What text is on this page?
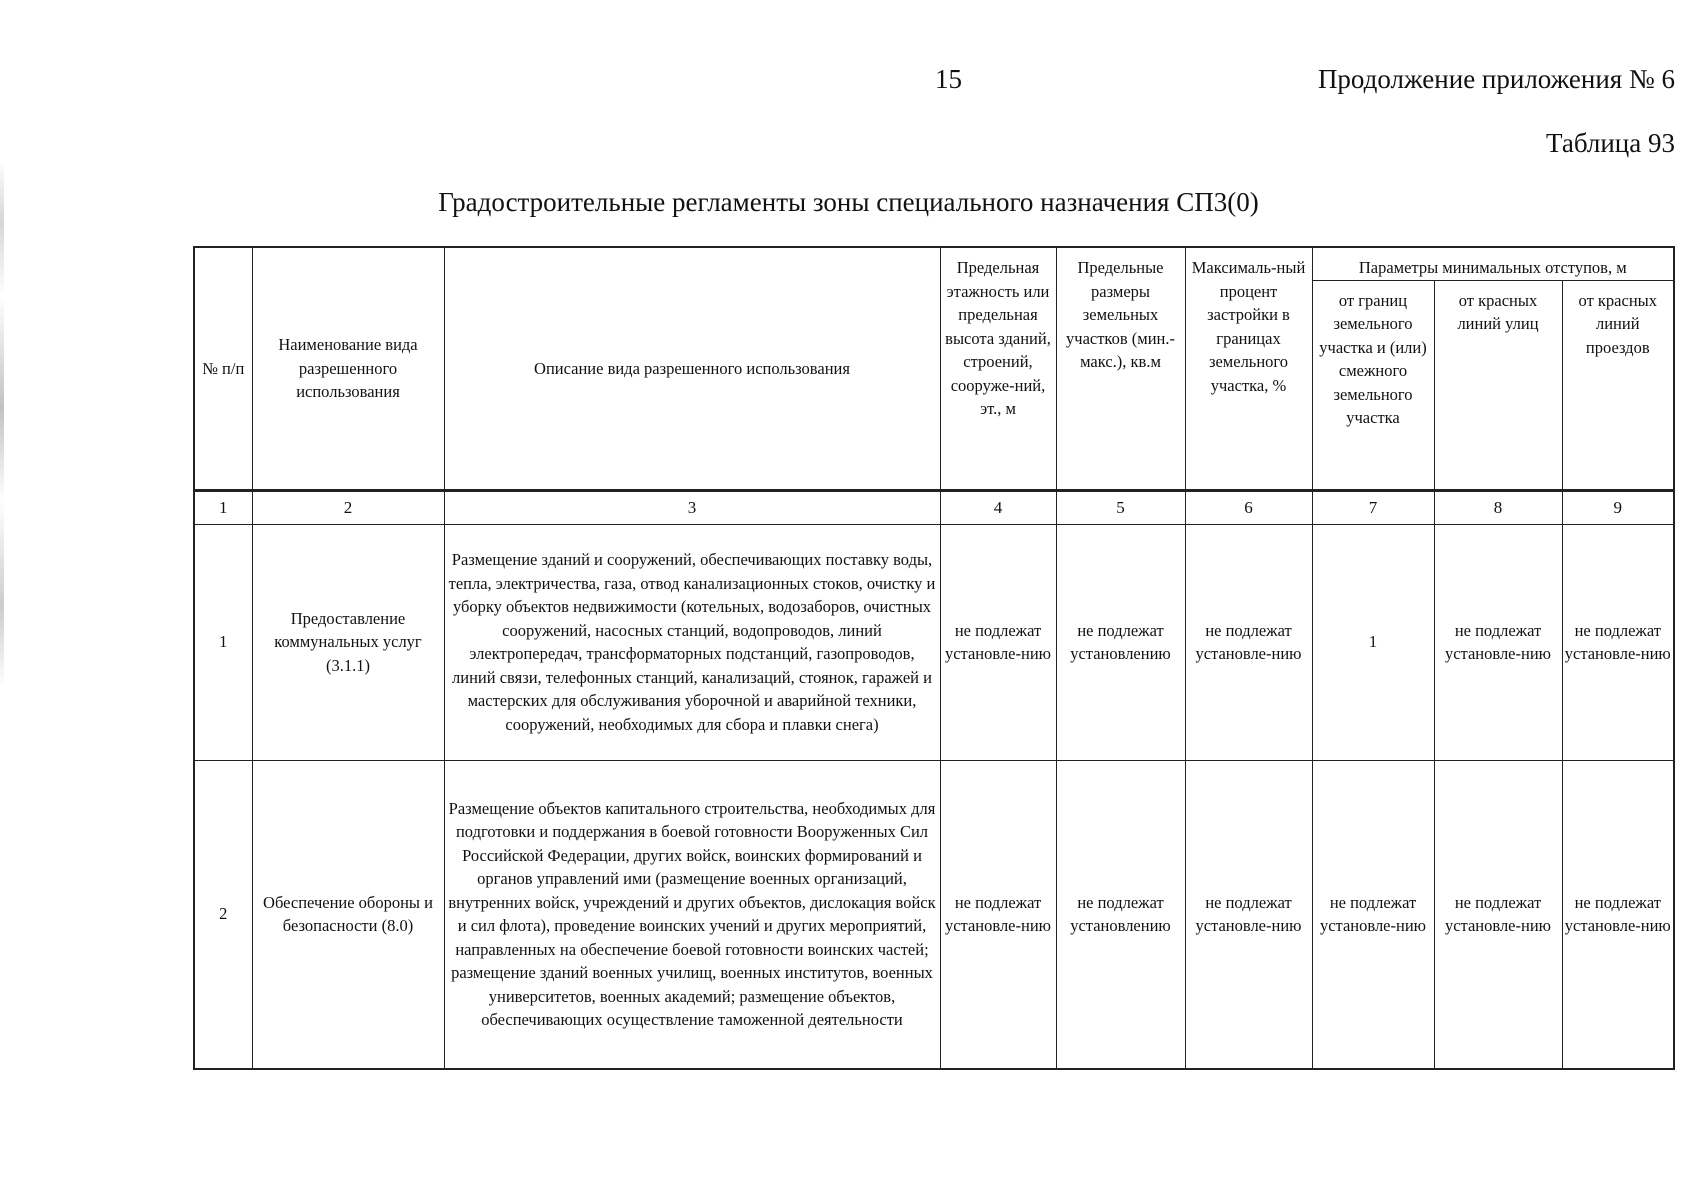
15	Продолжение приложения № 6
Таблица 93
Градостроительные регламенты зоны специального назначения СП3(0)
№ п/п	Наименование вида разрешенного использования	Описание вида разрешенного использования	Предельная этажность или предельная высота зданий, строений, сооруже-ний, эт., м	Предельные размеры земельных участков (мин.-макс.), кв.м	Максималь-ный процент застройки в границах земельного участка, %	Параметры минимальных отступов, м		
						от границ земельного участка и (или) смежного земельного участка	от красных линий улиц	от красных линий проездов
1	2	3	4	5	6	7	8	9
1	Предоставление коммунальных услуг (3.1.1)	Размещение зданий и сооружений, обеспечивающих поставку воды, тепла, электричества, газа, отвод канализационных стоков, очистку и уборку объектов недвижимости (котельных, водозаборов, очистных сооружений, насосных станций, водопроводов, линий электропередач, трансформаторных подстанций, газопроводов, линий связи, телефонных станций, канализаций, стоянок, гаражей и мастерских для обслуживания уборочной и аварийной техники, сооружений, необходимых для сбора и плавки снега)	не подлежат установле-нию	не подлежат установлению	не подлежат установле-нию	1	не подлежат установле-нию	не подлежат установле-нию
2	Обеспечение обороны и безопасности (8.0)	Размещение объектов капитального строительства, необходимых для подготовки и поддержания в боевой готовности Вооруженных Сил Российской Федерации, других войск, воинских формирований и органов управлений ими (размещение военных организаций, внутренних войск, учреждений и других объектов, дислокация войск и сил флота), проведение воинских учений и других мероприятий, направленных на обеспечение боевой готовности воинских частей; размещение зданий военных училищ, военных институтов, военных университетов, военных академий; размещение объектов, обеспечивающих осуществление таможенной деятельности	не подлежат установле-нию	не подлежат установлению	не подлежат установле-нию	не подлежат установле-нию	не подлежат установле-нию	не подлежат установле-нию
